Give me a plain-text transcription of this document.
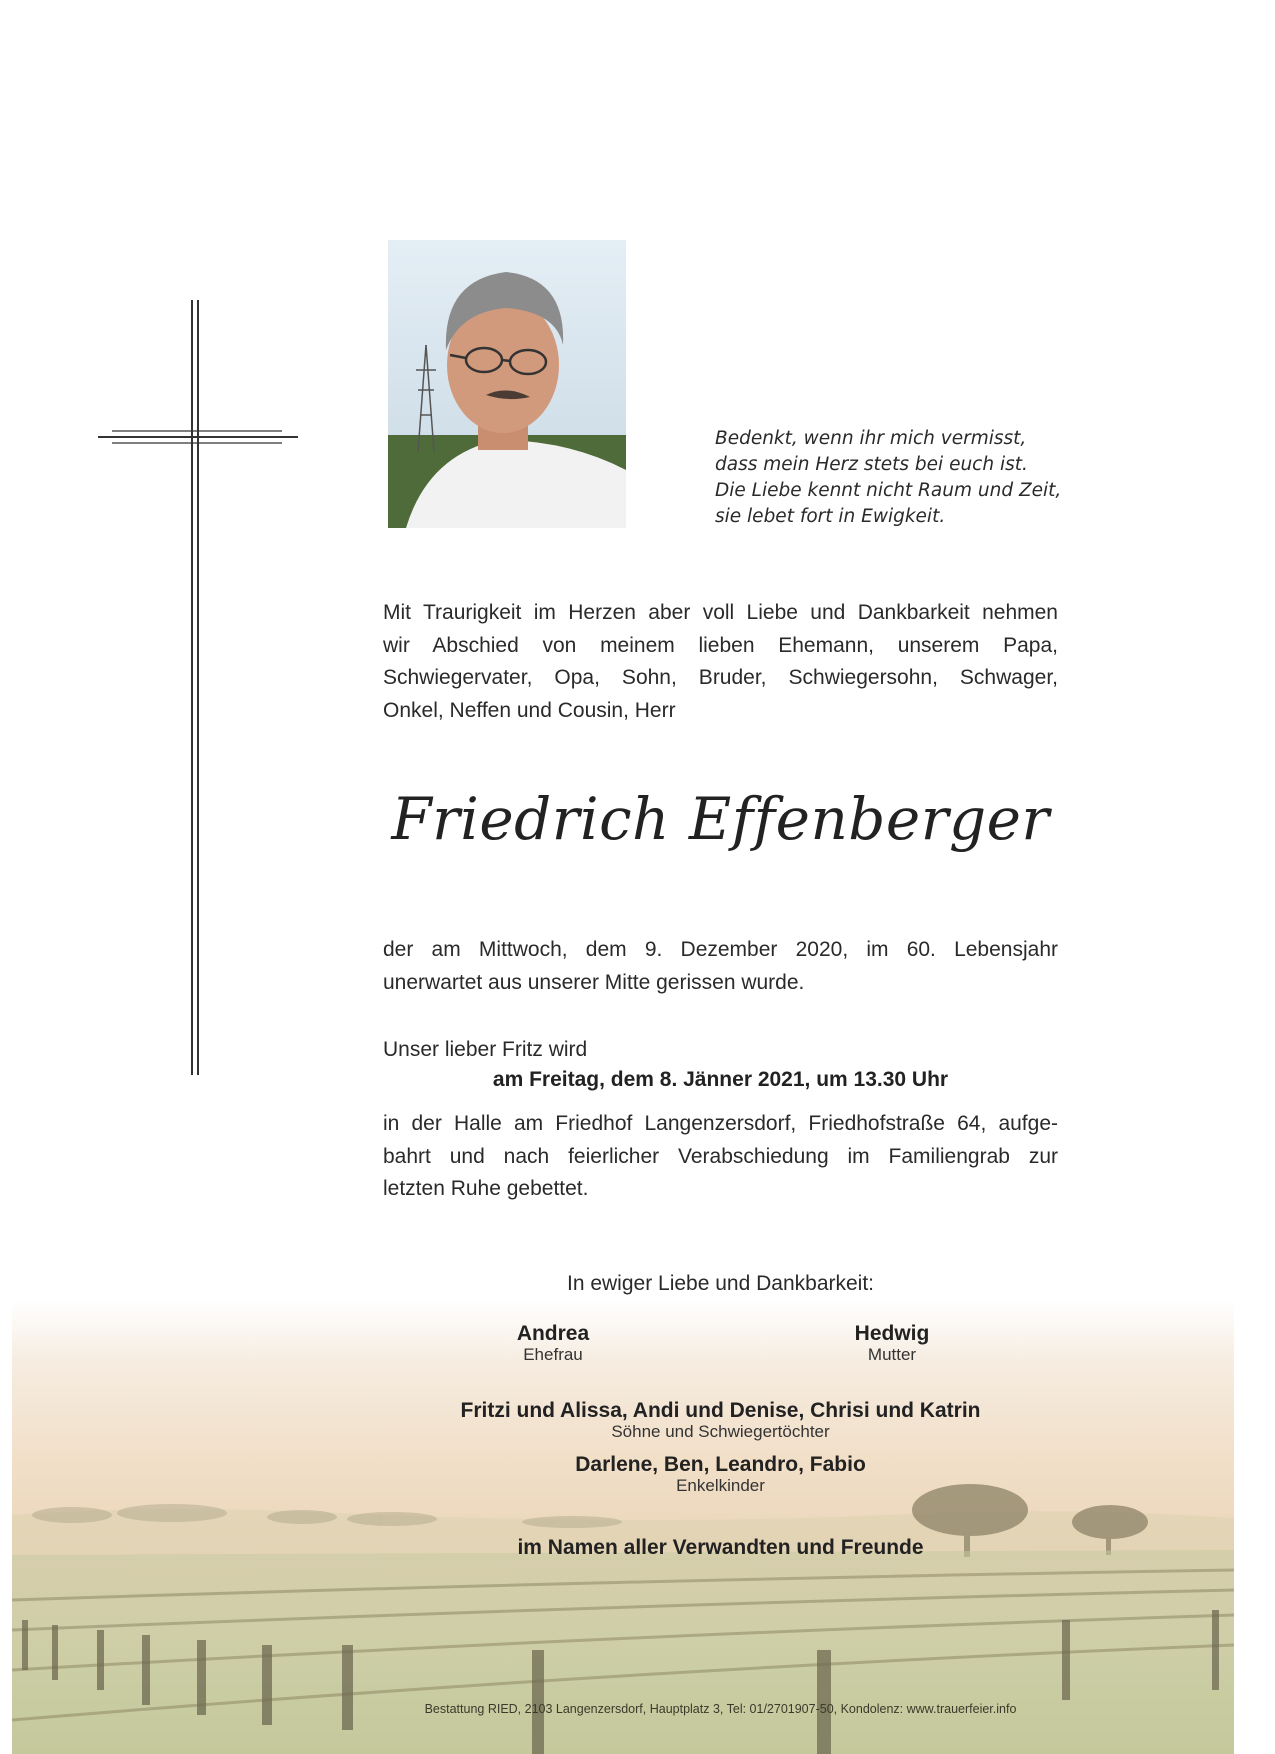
Bedenkt, wenn ihr mich vermisst,
dass mein Herz stets bei euch ist.
Die Liebe kennt nicht Raum und Zeit,
sie lebet fort in Ewigkeit.
Mit Traurigkeit im Herzen aber voll Liebe und Dankbarkeit nehmen
wir Abschied von meinem lieben Ehemann, unserem Papa,
Schwiegervater, Opa, Sohn, Bruder, Schwiegersohn, Schwager,
Onkel, Neffen und Cousin, Herr
Friedrich Effenberger
der am Mittwoch, dem 9. Dezember 2020, im 60. Lebensjahr
unerwartet aus unserer Mitte gerissen wurde.
Unser lieber Fritz wird
am Freitag, dem 8. Jänner 2021, um 13.30 Uhr
in der Halle am Friedhof Langenzersdorf, Friedhofstraße 64, aufge-
bahrt und nach feierlicher Verabschiedung im Familiengrab zur
letzten Ruhe gebettet.
In ewiger Liebe und Dankbarkeit:
Andrea
Ehefrau
Hedwig
Mutter
Fritzi und Alissa, Andi und Denise, Chrisi und Katrin
Söhne und Schwiegertöchter
Darlene, Ben, Leandro, Fabio
Enkelkinder
im Namen aller Verwandten und Freunde
Bestattung RIED, 2103 Langenzersdorf, Hauptplatz 3, Tel: 01/2701907-50, Kondolenz: www.trauerfeier.info
